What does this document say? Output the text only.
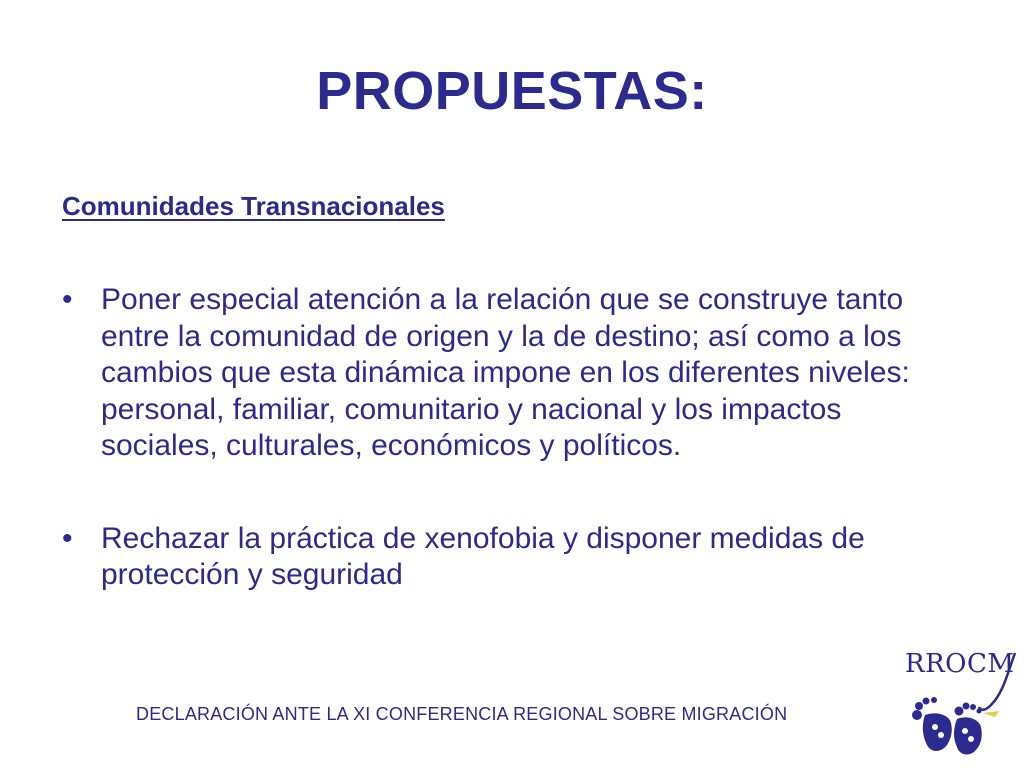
PROPUESTAS:
Comunidades Transnacionales
• Poner especial atención a la relación que se construye tanto entre la comunidad de origen y la de destino; así como a los cambios que esta dinámica impone en los diferentes niveles: personal, familiar, comunitario y nacional y los impactos sociales, culturales, económicos y políticos.
• Rechazar la práctica de xenofobia y disponer medidas de protección y seguridad
DECLARACIÓN ANTE LA XI CONFERENCIA REGIONAL SOBRE MIGRACIÓN
RROCM
